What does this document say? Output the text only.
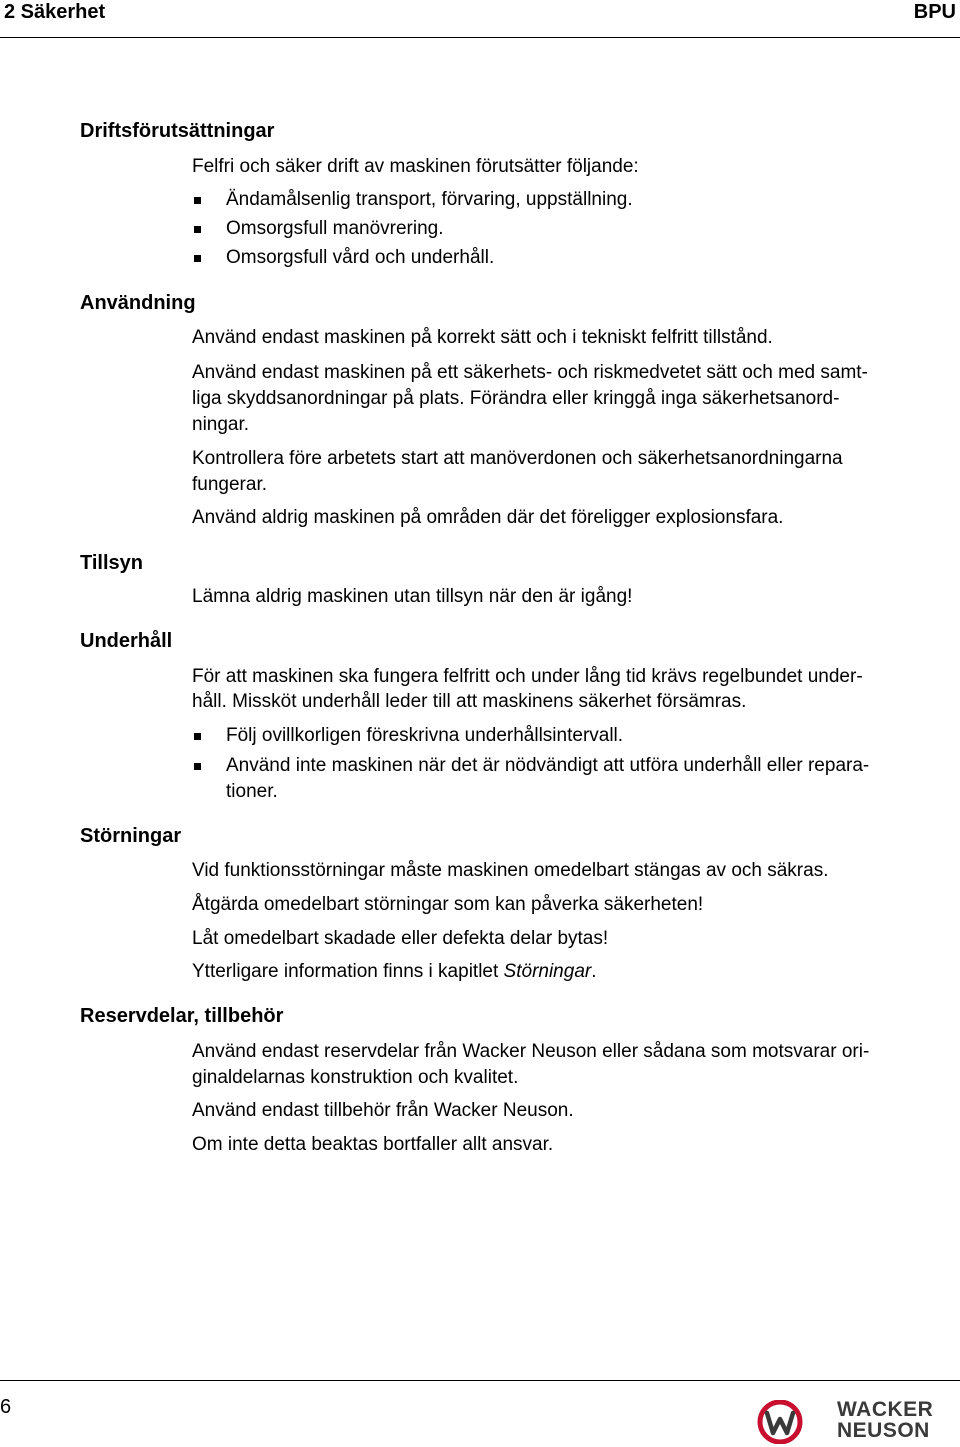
2 Säkerhet	BPU
Driftsförutsättningar
Felfri och säker drift av maskinen förutsätter följande:
Ändamålsenlig transport, förvaring, uppställning.
Omsorgsfull manövrering.
Omsorgsfull vård och underhåll.
Användning
Använd endast maskinen på korrekt sätt och i tekniskt felfritt tillstånd.
Använd endast maskinen på ett säkerhets- och riskmedvetet sätt och med samt-
liga skyddsanordningar på plats. Förändra eller kringgå inga säkerhetsanord-
ningar.
Kontrollera före arbetets start att manöverdonen och säkerhetsanordningarna
fungerar.
Använd aldrig maskinen på områden där det föreligger explosionsfara.
Tillsyn
Lämna aldrig maskinen utan tillsyn när den är igång!
Underhåll
För att maskinen ska fungera felfritt och under lång tid krävs regelbundet under-
håll. Missköt underhåll leder till att maskinens säkerhet försämras.
Följ ovillkorligen föreskrivna underhållsintervall.
Använd inte maskinen när det är nödvändigt att utföra underhåll eller repara-
tioner.
Störningar
Vid funktionsstörningar måste maskinen omedelbart stängas av och säkras.
Åtgärda omedelbart störningar som kan påverka säkerheten!
Låt omedelbart skadade eller defekta delar bytas!
Ytterligare information finns i kapitlet Störningar.
Reservdelar, tillbehör
Använd endast reservdelar från Wacker Neuson eller sådana som motsvarar ori-
ginaldelarnas konstruktion och kvalitet.
Använd endast tillbehör från Wacker Neuson.
Om inte detta beaktas bortfaller allt ansvar.
6	WACKER
NEUSON
